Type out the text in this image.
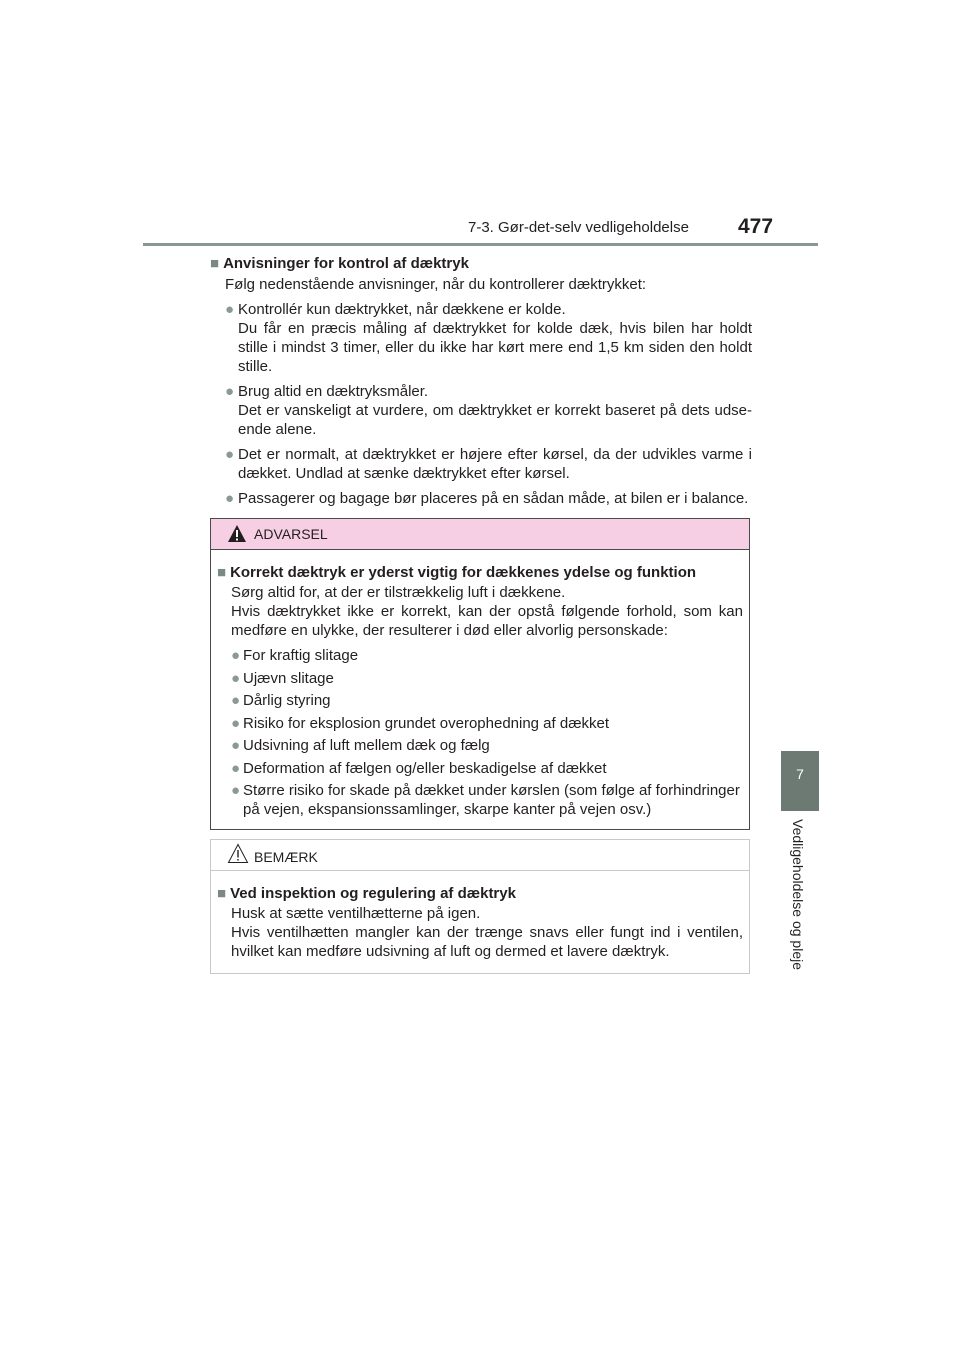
7-3. Gør-det-selv vedligeholdelse 477
7
Vedligeholdelse og pleje
■ Anvisninger for kontrol af dæktryk
Følg nedenstående anvisninger, når du kontrollerer dæktrykket:
● Kontrollér kun dæktrykket, når dækkene er kolde.
Du får en præcis måling af dæktrykket for kolde dæk, hvis bilen har holdt stille i mindst 3 timer, eller du ikke har kørt mere end 1,5 km siden den holdt stille.
● Brug altid en dæktryksmåler.
Det er vanskeligt at vurdere, om dæktrykket er korrekt baseret på dets udse- ende alene.
● Det er normalt, at dæktrykket er højere efter kørsel, da der udvikles varme i dækket. Undlad at sænke dæktrykket efter kørsel.
● Passagerer og bagage bør placeres på en sådan måde, at bilen er i balance.
ADVARSEL
■ Korrekt dæktryk er yderst vigtig for dækkenes ydelse og funktion
Sørg altid for, at der er tilstrækkelig luft i dækkene.
Hvis dæktrykket ikke er korrekt, kan der opstå følgende forhold, som kan medføre en ulykke, der resulterer i død eller alvorlig personskade:
● For kraftig slitage
● Ujævn slitage
● Dårlig styring
● Risiko for eksplosion grundet overophedning af dækket
● Udsivning af luft mellem dæk og fælg
● Deformation af fælgen og/eller beskadigelse af dækket
● Større risiko for skade på dækket under kørslen (som følge af forhindringer på vejen, ekspansionssamlinger, skarpe kanter på vejen osv.)
BEMÆRK
■ Ved inspektion og regulering af dæktryk
Husk at sætte ventilhætterne på igen.
Hvis ventilhætten mangler kan der trænge snavs eller fungt ind i ventilen, hvilket kan medføre udsivning af luft og dermed et lavere dæktryk.
